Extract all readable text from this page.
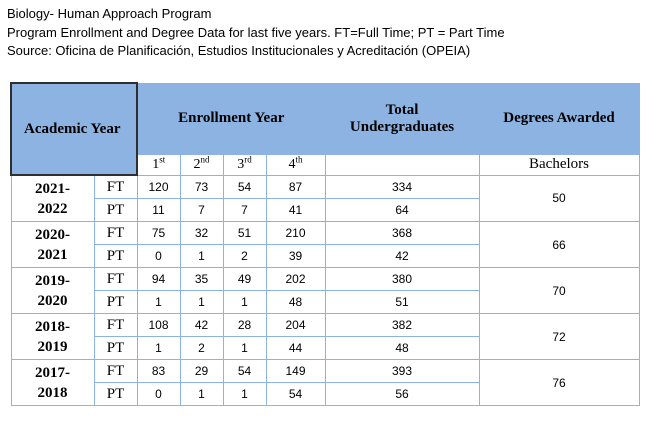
Biology- Human Approach Program
Program Enrollment and Degree Data for last five years. FT=Full Time; PT = Part Time
Source: Oficina de Planificación, Estudios Institucionales y Acreditación (OPEIA)
Academic Year		Enrollment Year				Total
Undergraduates	Degrees Awarded
		1st	2nd	3rd	4th		Bachelors
2021-
2022	FT	120	73	54	87	334	50
	PT	11	7	7	41	64	
2020-
2021	FT	75	32	51	210	368	66
	PT	0	1	2	39	42	
2019-
2020	FT	94	35	49	202	380	70
	PT	1	1	1	48	51	
2018-
2019	FT	108	42	28	204	382	72
	PT	1	2	1	44	48	
2017-
2018	FT	83	29	54	149	393	76
	PT	0	1	1	54	56	
